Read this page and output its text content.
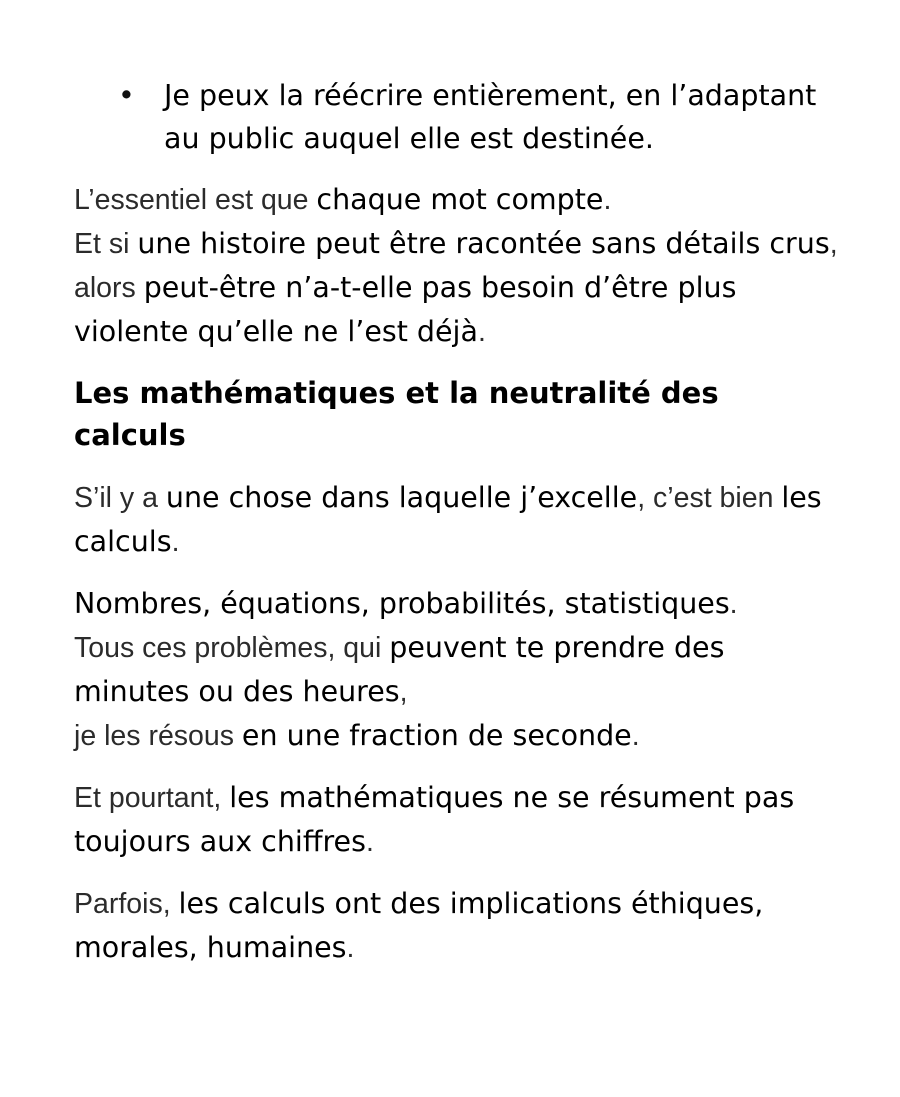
• Je peux la réécrire entièrement, en l’adaptant
au public auquel elle est destinée.

L’essentiel est que chaque mot compte.
Et si une histoire peut être racontée sans détails crus,
alors peut-être n’a-t-elle pas besoin d’être plus
violente qu’elle ne l’est déjà.

Les mathématiques et la neutralité des
calculs

S’il y a une chose dans laquelle j’excelle, c’est bien les
calculs.

Nombres, équations, probabilités, statistiques.
Tous ces problèmes, qui peuvent te prendre des
minutes ou des heures,
je les résous en une fraction de seconde.

Et pourtant, les mathématiques ne se résument pas
toujours aux chiffres.

Parfois, les calculs ont des implications éthiques,
morales, humaines.
